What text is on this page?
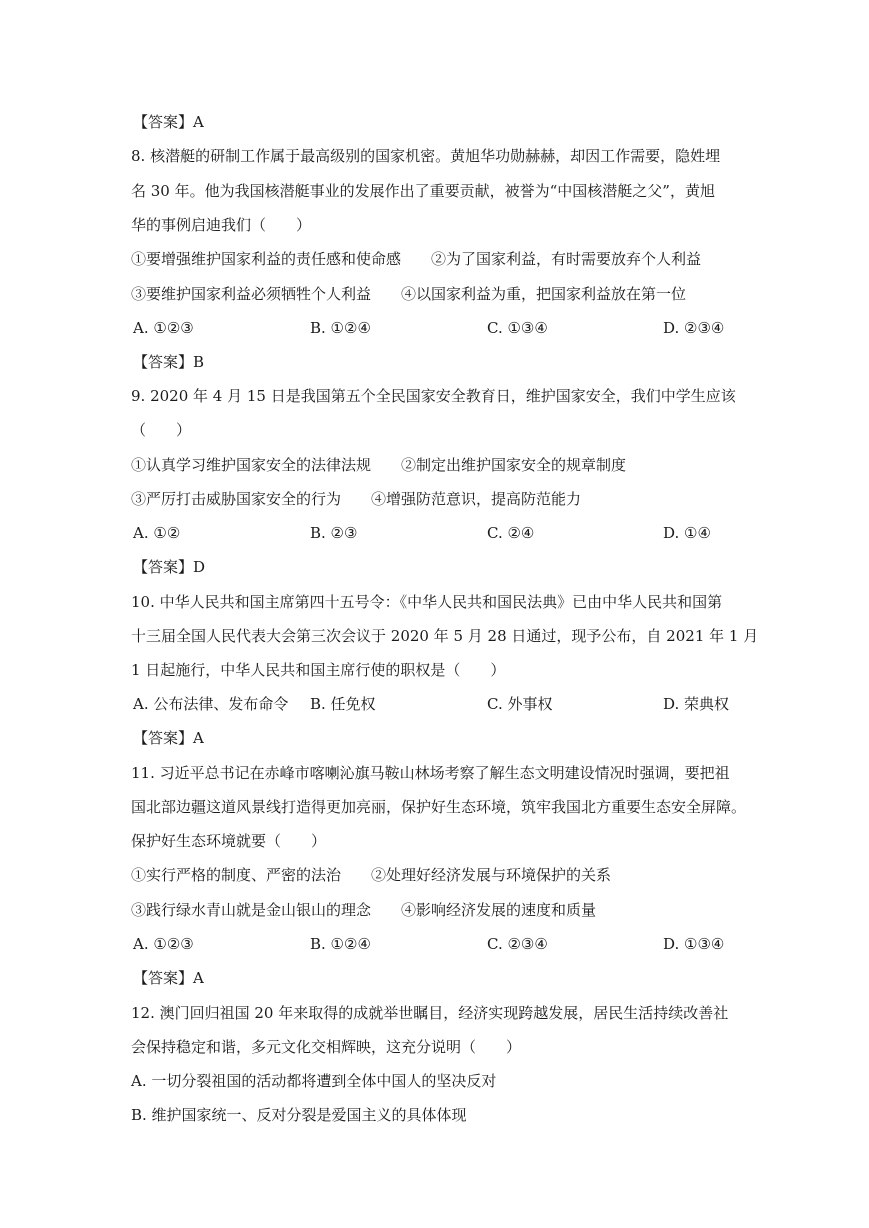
【答案】A
8. 核潜艇的研制工作属于最高级别的国家机密。黄旭华功勋赫赫，却因工作需要，隐姓埋
名 30 年。他为我国核潜艇事业的发展作出了重要贡献，被誉为“中国核潜艇之父”，黄旭
华的事例启迪我们（　　）
①要增强维护国家利益的责任感和使命感　　②为了国家利益，有时需要放弃个人利益
③要维护国家利益必须牺牲个人利益　　④以国家利益为重，把国家利益放在第一位
A. ①②③	B. ①②④	C. ①③④	D. ②③④
【答案】B
9. 2020 年 4 月 15 日是我国第五个全民国家安全教育日，维护国家安全，我们中学生应该
（　　）
①认真学习维护国家安全的法律法规　　②制定出维护国家安全的规章制度
③严厉打击威胁国家安全的行为　　④增强防范意识，提高防范能力
A. ①②	B. ②③	C. ②④	D. ①④
【答案】D
10. 中华人民共和国主席第四十五号令：《中华人民共和国民法典》已由中华人民共和国第
十三届全国人民代表大会第三次会议于 2020 年 5 月 28 日通过，现予公布，自 2021 年 1 月
1 日起施行，中华人民共和国主席行使的职权是（　　）
A. 公布法律、发布命令 B. 任免权	C. 外事权	D. 荣典权
【答案】A
11. 习近平总书记在赤峰市喀喇沁旗马鞍山林场考察了解生态文明建设情况时强调，要把祖
国北部边疆这道风景线打造得更加亮丽，保护好生态环境，筑牢我国北方重要生态安全屏障。
保护好生态环境就要（　　）
①实行严格的制度、严密的法治　　②处理好经济发展与环境保护的关系
③践行绿水青山就是金山银山的理念　　④影响经济发展的速度和质量
A. ①②③	B. ①②④	C. ②③④	D. ①③④
【答案】A
12. 澳门回归祖国 20 年来取得的成就举世瞩目，经济实现跨越发展，居民生活持续改善社
会保持稳定和谐，多元文化交相辉映，这充分说明（　　）
A. 一切分裂祖国的活动都将遭到全体中国人的坚决反对
B. 维护国家统一、反对分裂是爱国主义的具体体现
